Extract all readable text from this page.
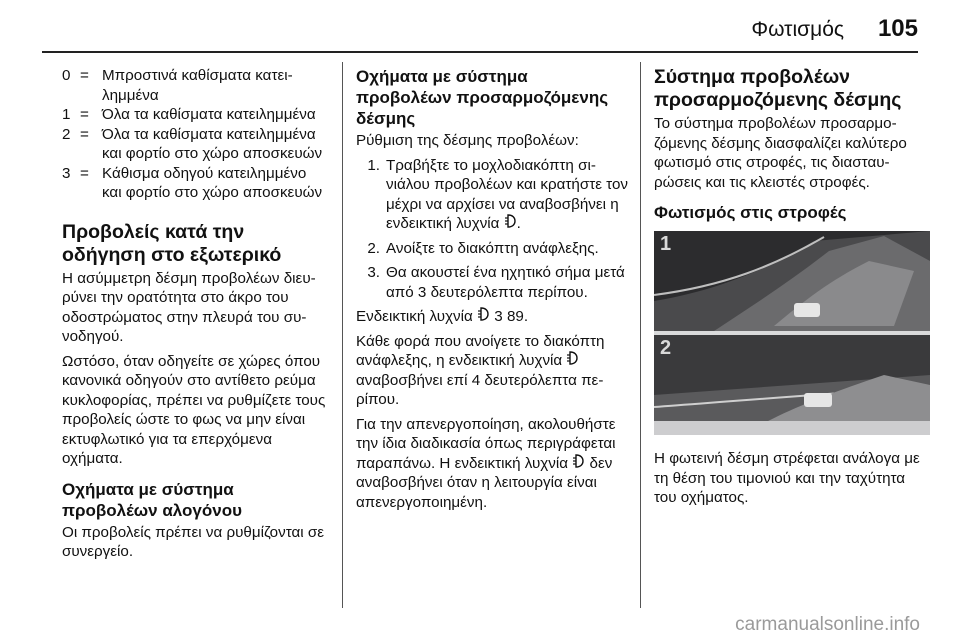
Φωτισμός 105
0 = Μπροστινά καθίσματα κατειλημμένα
1 = Όλα τα καθίσματα κατειλημμένα
2 = Όλα τα καθίσματα κατειλημμένα και φορτίο στο χώρο αποσκευών
3 = Κάθισμα οδηγού κατειλημμένο και φορτίο στο χώρο αποσκευών
Προβολείς κατά την οδήγηση στο εξωτερικό

Η ασύμμετρη δέσμη προβολέων διευρύνει την ορατότητα στο άκρο του οδοστρώματος στην πλευρά του συνοδηγού.

Ωστόσο, όταν οδηγείτε σε χώρες όπου κανονικά οδηγούν στο αντίθετο ρεύμα κυκλοφορίας, πρέπει να ρυθμίζετε τους προβολείς ώστε το φως να μην είναι εκτυφλωτικό για τα επερχόμενα οχήματα.

Οχήματα με σύστημα προβολέων αλογόνου

Οι προβολείς πρέπει να ρυθμίζονται σε συνεργείο.

Οχήματα με σύστημα προβολέων προσαρμοζόμενης δέσμης

Ρύθμιση της δέσμης προβολέων:

1. Τραβήξτε το μοχλοδιακόπτη σινιάλου προβολέων και κρατήστε τον μέχρι να αρχίσει να αναβοσβήνει η ενδεικτική λυχνία .
2. Ανοίξτε το διακόπτη ανάφλεξης.
3. Θα ακουστεί ένα ηχητικό σήμα μετά από 3 δευτερόλεπτα περίπου.

Ενδεικτική λυχνία  3 89.

Κάθε φορά που ανοίγετε το διακόπτη ανάφλεξης, η ενδεικτική λυχνία  αναβοσβήνει επί 4 δευτερόλεπτα περίπου.

Για την απενεργοποίηση, ακολουθήστε την ίδια διαδικασία όπως περιγράφεται παραπάνω. Η ενδεικτική λυχνία  δεν αναβοσβήνει όταν η λειτουργία είναι απενεργοποιημένη.

Σύστημα προβολέων προσαρμοζόμενης δέσμης

Το σύστημα προβολέων προσαρμοζόμενης δέσμης διασφαλίζει καλύτερο φωτισμό στις στροφές, τις διασταυρώσεις και τις κλειστές στροφές.

Φωτισμός στις στροφές
1
2

Η φωτεινή δέσμη στρέφεται ανάλογα με τη θέση του τιμονιού και την ταχύτητα του οχήματος.

carmanualsonline.info
